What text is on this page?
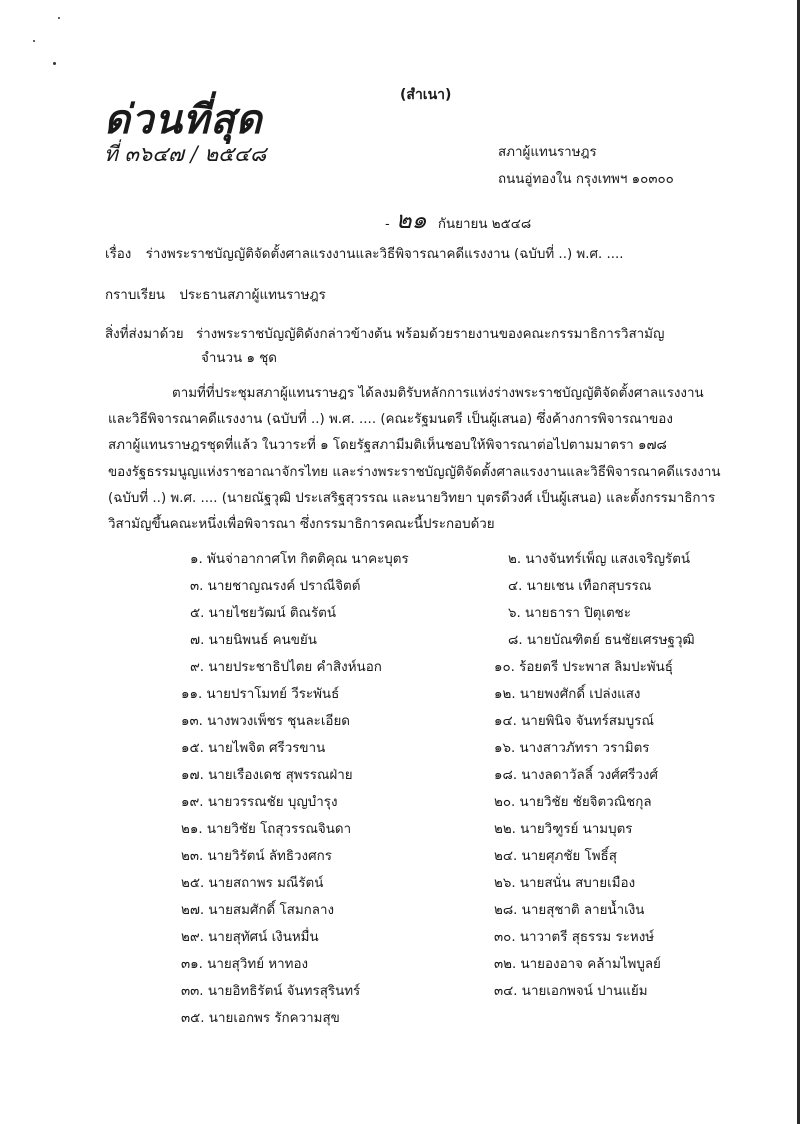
(สำเนา)
ด่วนที่สุด
ที่ ๓๖๔๗ / ๒๕๔๘	สภาผู้แทนราษฎร
ถนนอู่ทองใน กรุงเทพฯ ๑๐๓๐๐
- ๒๑ กันยายน ๒๕๔๘
เรื่อง ร่างพระราชบัญญัติจัดตั้งศาลแรงงานและวิธีพิจารณาคดีแรงงาน (ฉบับที่ ..) พ.ศ. ....
กราบเรียน ประธานสภาผู้แทนราษฎร
สิ่งที่ส่งมาด้วย ร่างพระราชบัญญัติดังกล่าวข้างต้น พร้อมด้วยรายงานของคณะกรรมาธิการวิสามัญ
จำนวน ๑ ชุด
ตามที่ที่ประชุมสภาผู้แทนราษฎร ได้ลงมติรับหลักการแห่งร่างพระราชบัญญัติจัดตั้งศาลแรงงาน
และวิธีพิจารณาคดีแรงงาน (ฉบับที่ ..) พ.ศ. .... (คณะรัฐมนตรี เป็นผู้เสนอ) ซึ่งค้างการพิจารณาของ
สภาผู้แทนราษฎรชุดที่แล้ว ในวาระที่ ๑ โดยรัฐสภามีมติเห็นชอบให้พิจารณาต่อไปตามมาตรา ๑๗๘
ของรัฐธรรมนูญแห่งราชอาณาจักรไทย และร่างพระราชบัญญัติจัดตั้งศาลแรงงานและวิธีพิจารณาคดีแรงงาน
(ฉบับที่ ..) พ.ศ. .... (นายณัฐวุฒิ ประเสริฐสุวรรณ และนายวิทยา บุตรดีวงศ์ เป็นผู้เสนอ) และตั้งกรรมาธิการ
วิสามัญขึ้นคณะหนึ่งเพื่อพิจารณา ซึ่งกรรมาธิการคณะนี้ประกอบด้วย
๑. พันจ่าอากาศโท กิตติคุณ นาคะบุตร	๒. นางจันทร์เพ็ญ แสงเจริญรัตน์
๓. นายชาญณรงค์ ปราณีจิตต์	๔. นายเชน เทือกสุบรรณ
๕. นายไชยวัฒน์ ติณรัตน์	๖. นายธารา ปิตุเตชะ
๗. นายนิพนธ์ คนขยัน	๘. นายบัณฑิตย์ ธนชัยเศรษฐวุฒิ
๙. นายประชาธิปไตย คำสิงห์นอก	๑๐. ร้อยตรี ประพาส ลิมปะพันธุ์
๑๑. นายปราโมทย์ วีระพันธ์	๑๒. นายพงศักดิ์ เปล่งแสง
๑๓. นางพวงเพ็ชร ชุนละเอียด	๑๔. นายพินิจ จันทร์สมบูรณ์
๑๕. นายไพจิต ศรีวรขาน	๑๖. นางสาวภัทรา วรามิตร
๑๗. นายเรืองเดช สุพรรณฝ่าย	๑๘. นางลดาวัลลิ์ วงศ์ศรีวงศ์
๑๙. นายวรรณชัย บุญบำรุง	๒๐. นายวิชัย ชัยจิตวณิชกุล
๒๑. นายวิชัย โถสุวรรณจินดา	๒๒. นายวิฑูรย์ นามบุตร
๒๓. นายวิรัตน์ ลัทธิวงศกร	๒๔. นายศุภชัย โพธิ์สุ
๒๕. นายสถาพร มณีรัตน์	๒๖. นายสนั่น สบายเมือง
๒๗. นายสมศักดิ์ โสมกลาง	๒๘. นายสุชาติ ลายน้ำเงิน
๒๙. นายสุทัศน์ เงินหมื่น	๓๐. นาวาตรี สุธรรม ระหงษ์
๓๑. นายสุวิทย์ หาทอง	๓๒. นายองอาจ คล้ามไพบูลย์
๓๓. นายอิทธิรัตน์ จันทรสุรินทร์	๓๔. นายเอกพจน์ ปานแย้ม
๓๕. นายเอกพร รักความสุข
